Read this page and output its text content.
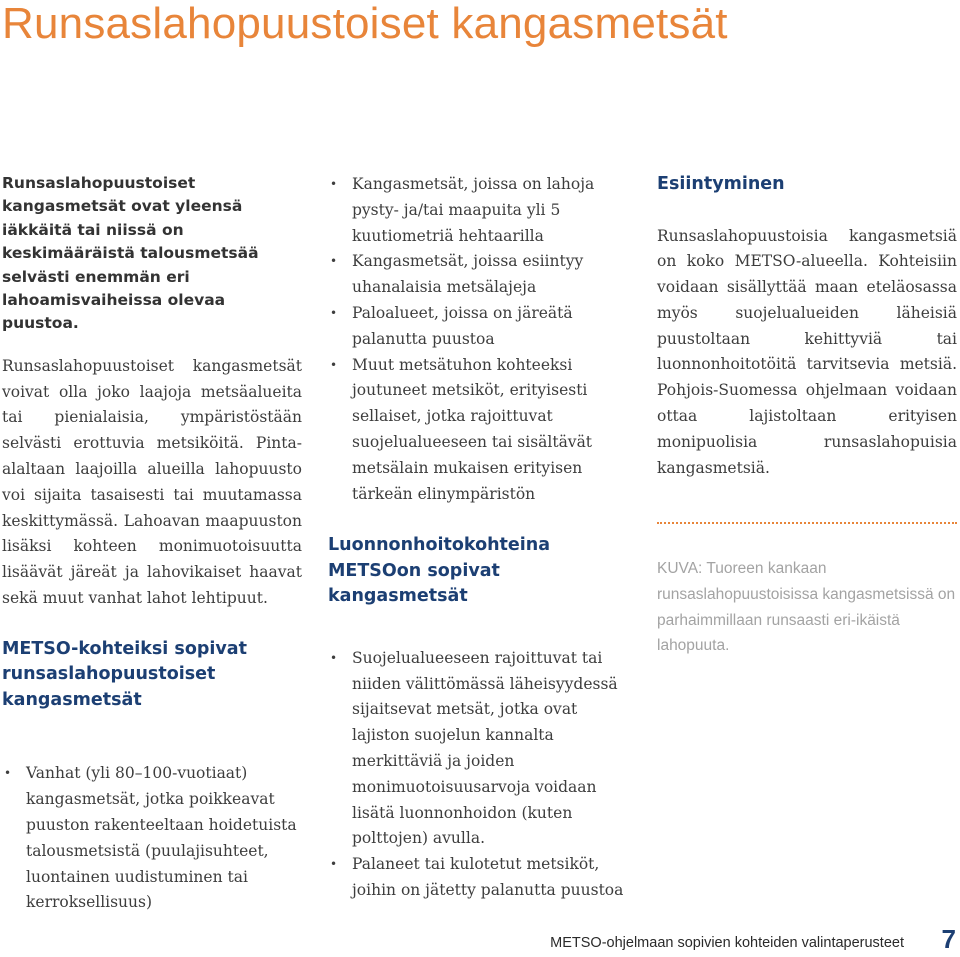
Runsaslahopuustoiset kangasmetsät

Runsaslahopuustoiset kangasmetsät ovat yleensä iäkkäitä tai niissä on keskimääräistä talousmetsää selvästi enemmän eri lahoamisvaiheissa olevaa puustoa.

Runsaslahopuustoiset kangasmetsät voivat olla joko laajoja metsäalueita tai pienialaisia, ympäristöstään selvästi erottuvia metsiköitä. Pinta-alaltaan laajoilla alueilla lahopuusto voi sijaita tasaisesti tai muutamassa keskittymässä. Lahoavan maapuuston lisäksi kohteen monimuotoisuutta lisäävät järeät ja lahovikaiset haavat sekä muut vanhat lahot lehtipuut.

METSO-kohteiksi sopivat runsaslahopuustoiset kangasmetsät
• Vanhat (yli 80–100-vuotiaat) kangasmetsät, jotka poikkeavat puuston rakenteeltaan hoidetuista talousmetsistä (puulajisuhteet, luontainen uudistuminen tai kerroksellisuus)
• Kangasmetsät, joissa on lahoja pysty- ja/tai maapuita yli 5 kuutiometriä hehtaarilla
• Kangasmetsät, joissa esiintyy uhanalaisia metsälajeja
• Paloalueet, joissa on järeätä palanutta puustoa
• Muut metsätuhon kohteeksi joutuneet metsiköt, erityisesti sellaiset, jotka rajoittuvat suojelualueeseen tai sisältävät metsälain mukaisen erityisen tärkeän elinympäristön
Luonnonhoitokohteina METSOon sopivat kangasmetsät
• Suojelualueeseen rajoittuvat tai niiden välittömässä läheisyydessä sijaitsevat metsät, jotka ovat lajiston suojelun kannalta merkittäviä ja joiden monimuotoisuusarvoja voidaan lisätä luonnonhoidon (kuten polttojen) avulla.
• Palaneet tai kulotetut metsiköt, joihin on jätetty palanutta puustoa
Esiintyminen

Runsaslahopuustoisia kangasmetsiä on koko METSO-alueella. Kohteisiin voidaan sisällyttää maan eteläosassa myös suojelualueiden läheisiä puustoltaan kehittyviä tai luonnonhoitotöitä tarvitsevia metsiä. Pohjois-Suomessa ohjelmaan voidaan ottaa lajistoltaan erityisen monipuolisia runsaslahopuisia kangasmetsiä.

KUVA: Tuoreen kankaan runsaslahopuustoisissa kangasmetsissä on parhaimmillaan runsaasti eri-ikäistä lahopuuta.

METSO-ohjelmaan sopivien kohteiden valintaperusteet 7
